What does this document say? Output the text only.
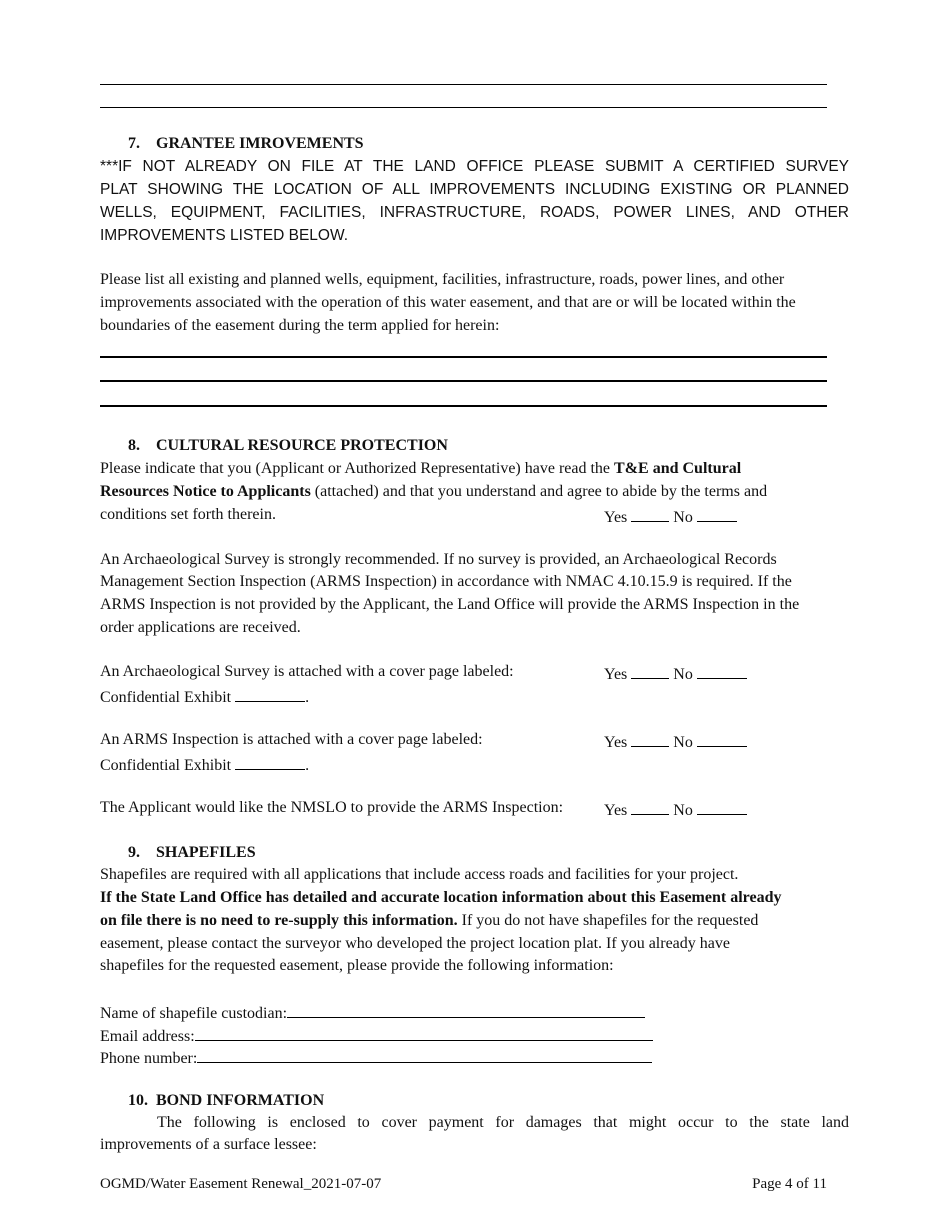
7. GRANTEE IMROVEMENTS
***IF NOT ALREADY ON FILE AT THE LAND OFFICE PLEASE SUBMIT A CERTIFIED SURVEY
PLAT SHOWING THE LOCATION OF ALL IMPROVEMENTS INCLUDING EXISTING OR PLANNED
WELLS, EQUIPMENT, FACILITIES, INFRASTRUCTURE, ROADS, POWER LINES, AND OTHER
IMPROVEMENTS LISTED BELOW.
Please list all existing and planned wells, equipment, facilities, infrastructure, roads, power lines, and other
improvements associated with the operation of this water easement, and that are or will be located within the
boundaries of the easement during the term applied for herein:
8. CULTURAL RESOURCE PROTECTION
Please indicate that you (Applicant or Authorized Representative) have read the T&E and Cultural
Resources Notice to Applicants (attached) and that you understand and agree to abide by the terms and
conditions set forth therein.	Yes	No
An Archaeological Survey is strongly recommended. If no survey is provided, an Archaeological Records
Management Section Inspection (ARMS Inspection) in accordance with NMAC 4.10.15.9 is required. If the
ARMS Inspection is not provided by the Applicant, the Land Office will provide the ARMS Inspection in the
order applications are received.
An Archaeological Survey is attached with a cover page labeled:	Yes	No
Confidential Exhibit	.
An ARMS Inspection is attached with a cover page labeled:	Yes	No
Confidential Exhibit	.
The Applicant would like the NMSLO to provide the ARMS Inspection:	Yes	No
9. SHAPEFILES
Shapefiles are required with all applications that include access roads and facilities for your project.
If the State Land Office has detailed and accurate location information about this Easement already
on file there is no need to re-supply this information. If you do not have shapefiles for the requested
easement, please contact the surveyor who developed the project location plat. If you already have
shapefiles for the requested easement, please provide the following information:
Name of shapefile custodian:
Email address:
Phone number:
10. BOND INFORMATION
The following is enclosed to cover payment for damages that might occur to the state land
improvements of a surface lessee:
OGMD/Water Easement Renewal_2021-07-07	Page 4 of 11
